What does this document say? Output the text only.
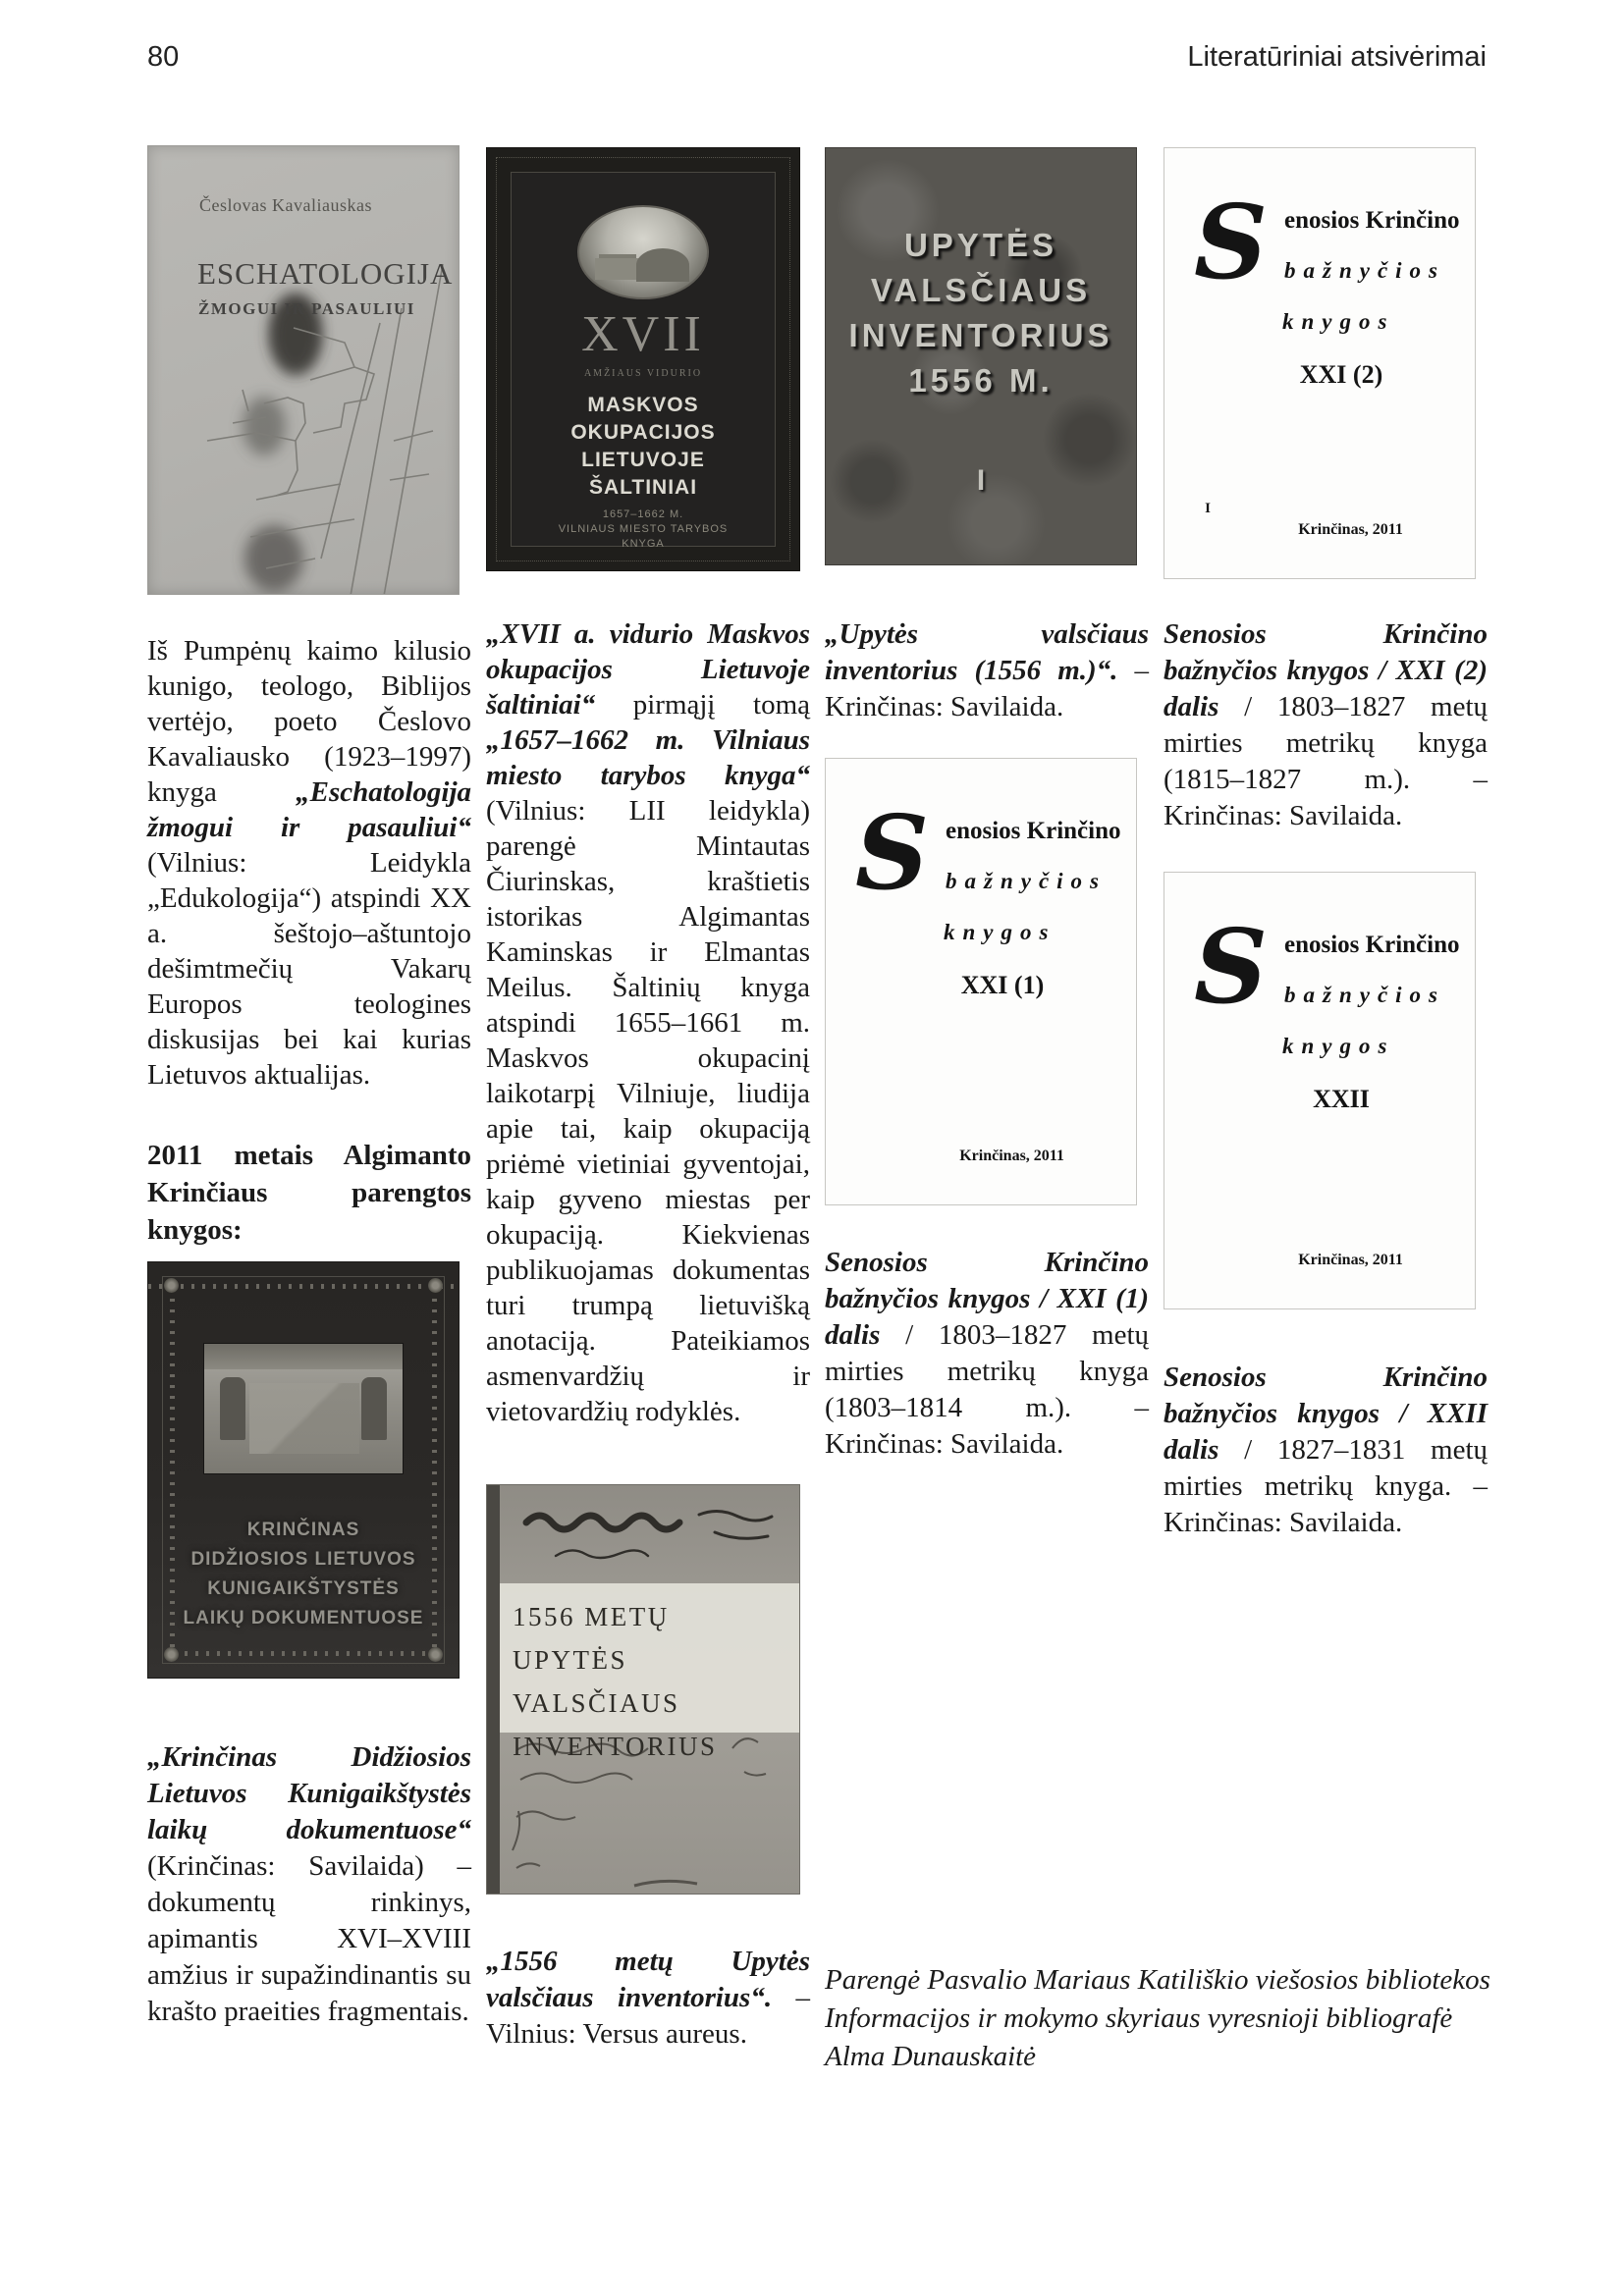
80	Literatūriniai atsivėrimai
Česlovas Kavaliauskas
ESCHATOLOGIJA
ŽMOGUI IR PASAULIUI
Iš Pumpėnų kaimo kilusio kunigo, teologo, Biblijos vertėjo, poeto Česlovo Kavaliausko (1923–1997) knyga „Eschatologija žmogui ir pasauliui“ (Vilnius: Leidykla „Edukologija“) atspindi XX a. šeštojo–aštuntojo dešimtmečių Vakarų Europos teologines diskusijas bei kai kurias Lietuvos aktualijas.
2011 metais Algimanto Krinčiaus parengtos knygos:
KRINČINAS
DIDŽIOSIOS LIETUVOS
KUNIGAIKŠTYSTĖS
LAIKŲ DOKUMENTUOSE
„Krinčinas Didžiosios Lietuvos Kunigaikštystės laikų dokumentuose“ (Krinčinas: Savilaida) – dokumentų rinkinys, apimantis XVI–XVIII amžius ir supažindinantis su krašto praeities fragmentais.
XVII
AMŽIAUS VIDURIO
MASKVOS
OKUPACIJOS
LIETUVOJE
ŠALTINIAI
1657–1662 M.
VILNIAUS MIESTO TARYBOS
KNYGA
„XVII a. vidurio Maskvos okupacijos Lietuvoje šaltiniai“ pirmąjį tomą „1657–1662 m. Vilniaus miesto tarybos knyga“ (Vilnius: LII leidykla) parengė Mintautas Čiurinskas, kraštietis istorikas Algimantas Kaminskas ir Elmantas Meilus. Šaltinių knyga atspindi 1655–1661 m. Maskvos okupacinį laikotarpį Vilniuje, liudija apie tai, kaip okupaciją priėmė vietiniai gyventojai, kaip gyveno miestas per okupaciją. Kiekvienas publikuojamas dokumentas turi trumpą lietuvišką anotaciją. Pateikiamos asmenvardžių ir vietovardžių rodyklės.
1556 METŲ
UPYTĖS VALSČIAUS
INVENTORIUS
„1556 metų Upytės valsčiaus inventorius“. – Vilnius: Versus aureus.
UPYTĖS
VALSČIAUS
INVENTORIUS
1556 M.
I
„Upytės valsčiaus inventorius (1556 m.)“. – Krinčinas: Savilaida.
S enosios Krinčino
bažnyčios
knygos
XXI (1)
Krinčinas, 2011
Senosios Krinčino bažnyčios knygos / XXI (1) dalis / 1803–1827 metų mirties metrikų knyga (1803–1814 m.). – Krinčinas: Savilaida.
S enosios Krinčino
bažnyčios
knygos
XXI (2)
I
Krinčinas, 2011
Senosios Krinčino bažnyčios knygos / XXI (2) dalis / 1803–1827 metų mirties metrikų knyga (1815–1827 m.). – Krinčinas: Savilaida.
S enosios Krinčino
bažnyčios
knygos
XXII
Krinčinas, 2011
Senosios Krinčino bažnyčios knygos / XXII dalis / 1827–1831 metų mirties metrikų knyga. – Krinčinas: Savilaida.
Parengė Pasvalio Mariaus Katiliškio viešosios bibliotekos
Informacijos ir mokymo skyriaus vyresnioji bibliografė
Alma Dunauskaitė
